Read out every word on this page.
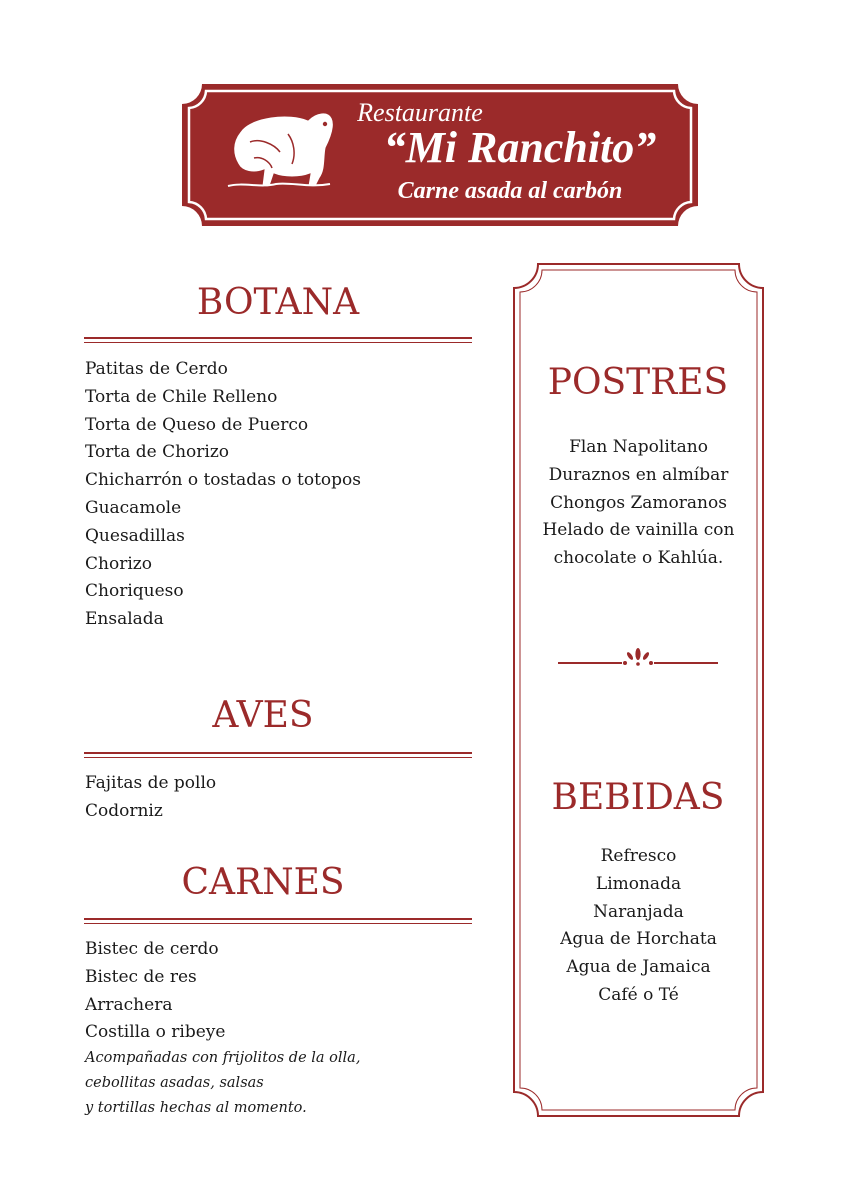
Restaurante
“Mi Ranchito”
Carne asada al carbón
BOTANA
Patitas de Cerdo
Torta de Chile Relleno
Torta de Queso de Puerco
Torta de Chorizo
Chicharrón o tostadas o totopos
Guacamole
Quesadillas
Chorizo
Choriqueso
Ensalada
AVES
Fajitas de pollo
Codorniz
CARNES
Bistec de cerdo
Bistec de res
Arrachera
Costilla o ribeye
Acompañadas con frijolitos de la olla,
cebollitas asadas, salsas
y tortillas hechas al momento.
POSTRES
Flan Napolitano
Duraznos en almíbar
Chongos Zamoranos
Helado de vainilla con
chocolate o Kahlúa.
BEBIDAS
Refresco
Limonada
Naranjada
Agua de Horchata
Agua de Jamaica
Café o Té
